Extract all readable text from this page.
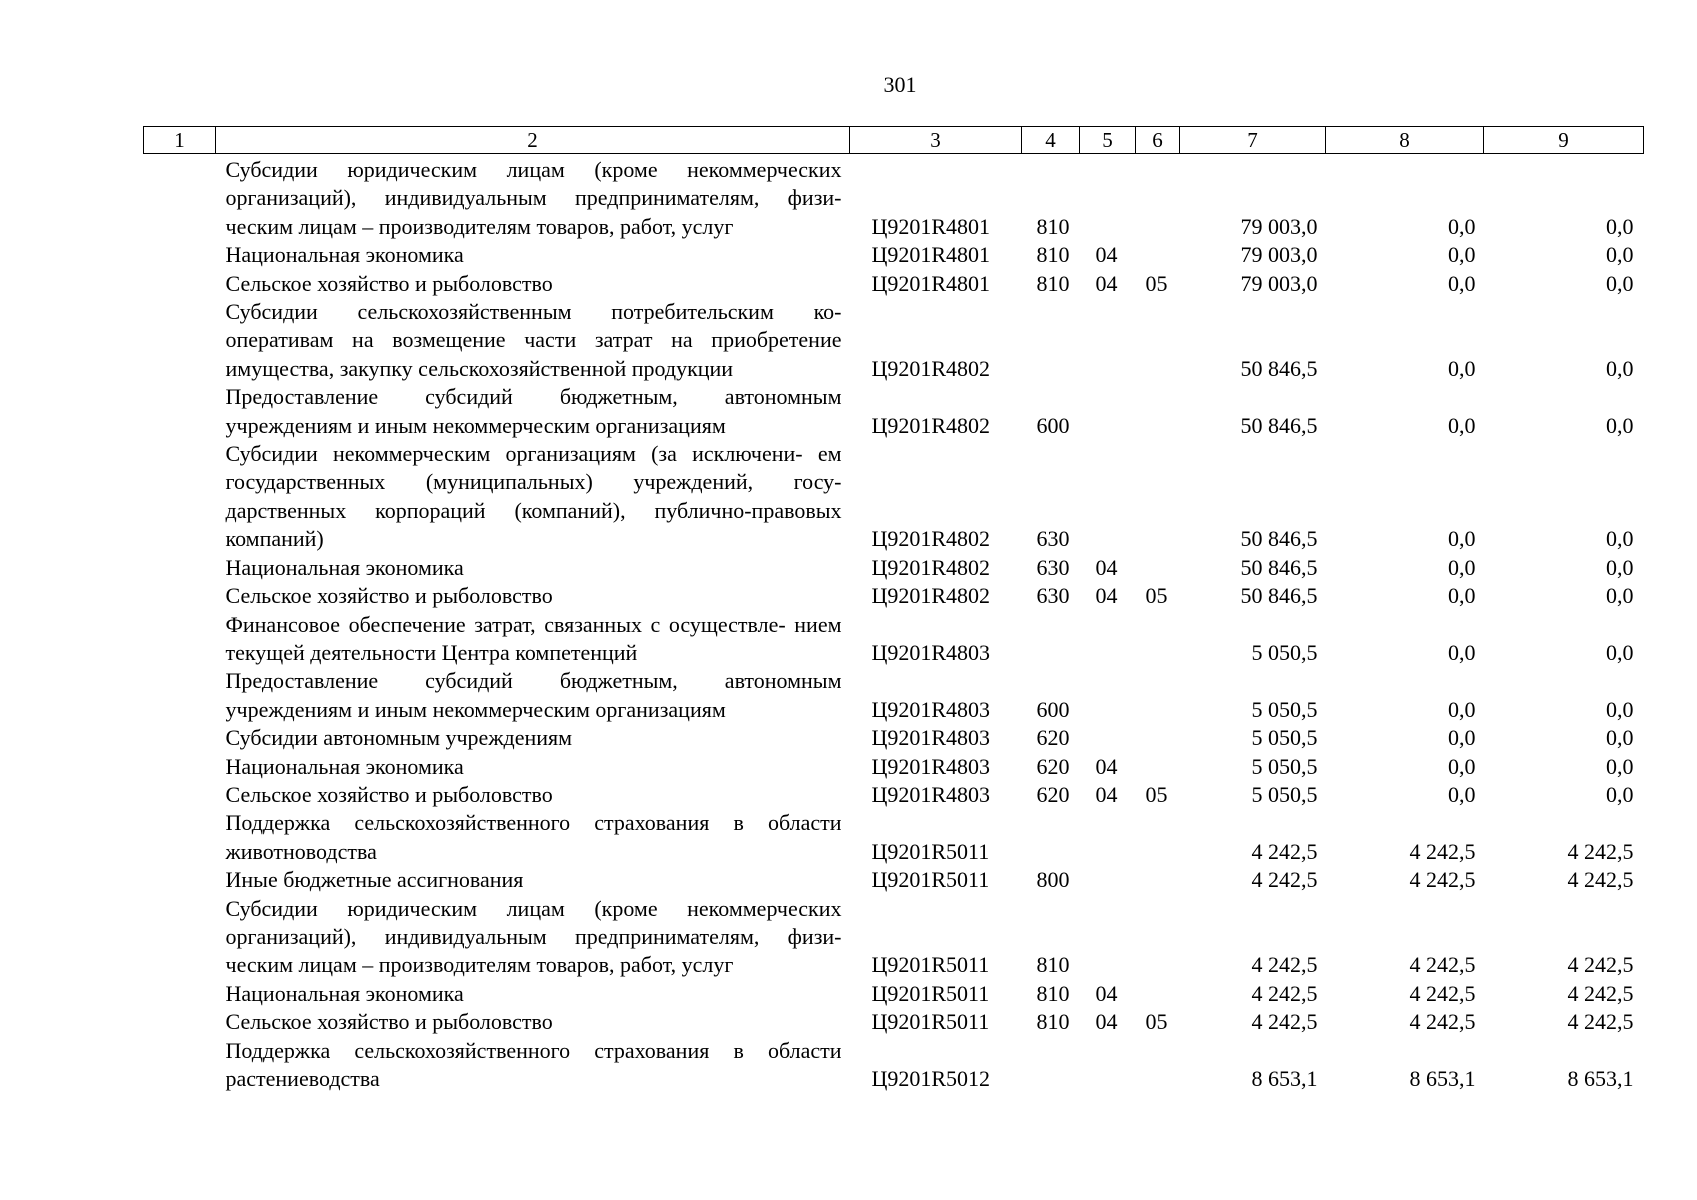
301
1	2	3	4	5	6	7	8	9
	Субсидии юридическим лицам (кроме некоммерческих организаций), индивидуальным предпринимателям, физи- ческим лицам – производителям товаров, работ, услуг	Ц9201R4801	810			79 003,0	0,0	0,0
	Национальная экономика	Ц9201R4801	810	04		79 003,0	0,0	0,0
	Сельское хозяйство и рыболовство	Ц9201R4801	810	04	05	79 003,0	0,0	0,0
	Субсидии сельскохозяйственным потребительским ко- оперативам на возмещение части затрат на приобретение имущества, закупку сельскохозяйственной продукции	Ц9201R4802				50 846,5	0,0	0,0
	Предоставление субсидий бюджетным, автономным учреждениям и иным некоммерческим организациям	Ц9201R4802	600			50 846,5	0,0	0,0
	Субсидии некоммерческим организациям (за исключени- ем государственных (муниципальных) учреждений, госу- дарственных корпораций (компаний), публично-правовых компаний)	Ц9201R4802	630			50 846,5	0,0	0,0
	Национальная экономика	Ц9201R4802	630	04		50 846,5	0,0	0,0
	Сельское хозяйство и рыболовство	Ц9201R4802	630	04	05	50 846,5	0,0	0,0
	Финансовое обеспечение затрат, связанных с осуществле- нием текущей деятельности Центра компетенций	Ц9201R4803				5 050,5	0,0	0,0
	Предоставление субсидий бюджетным, автономным учреждениям и иным некоммерческим организациям	Ц9201R4803	600			5 050,5	0,0	0,0
	Субсидии автономным учреждениям	Ц9201R4803	620			5 050,5	0,0	0,0
	Национальная экономика	Ц9201R4803	620	04		5 050,5	0,0	0,0
	Сельское хозяйство и рыболовство	Ц9201R4803	620	04	05	5 050,5	0,0	0,0
	Поддержка сельскохозяйственного страхования в области животноводства	Ц9201R5011				4 242,5	4 242,5	4 242,5
	Иные бюджетные ассигнования	Ц9201R5011	800			4 242,5	4 242,5	4 242,5
	Субсидии юридическим лицам (кроме некоммерческих организаций), индивидуальным предпринимателям, физи- ческим лицам – производителям товаров, работ, услуг	Ц9201R5011	810			4 242,5	4 242,5	4 242,5
	Национальная экономика	Ц9201R5011	810	04		4 242,5	4 242,5	4 242,5
	Сельское хозяйство и рыболовство	Ц9201R5011	810	04	05	4 242,5	4 242,5	4 242,5
	Поддержка сельскохозяйственного страхования в области растениеводства	Ц9201R5012				8 653,1	8 653,1	8 653,1
